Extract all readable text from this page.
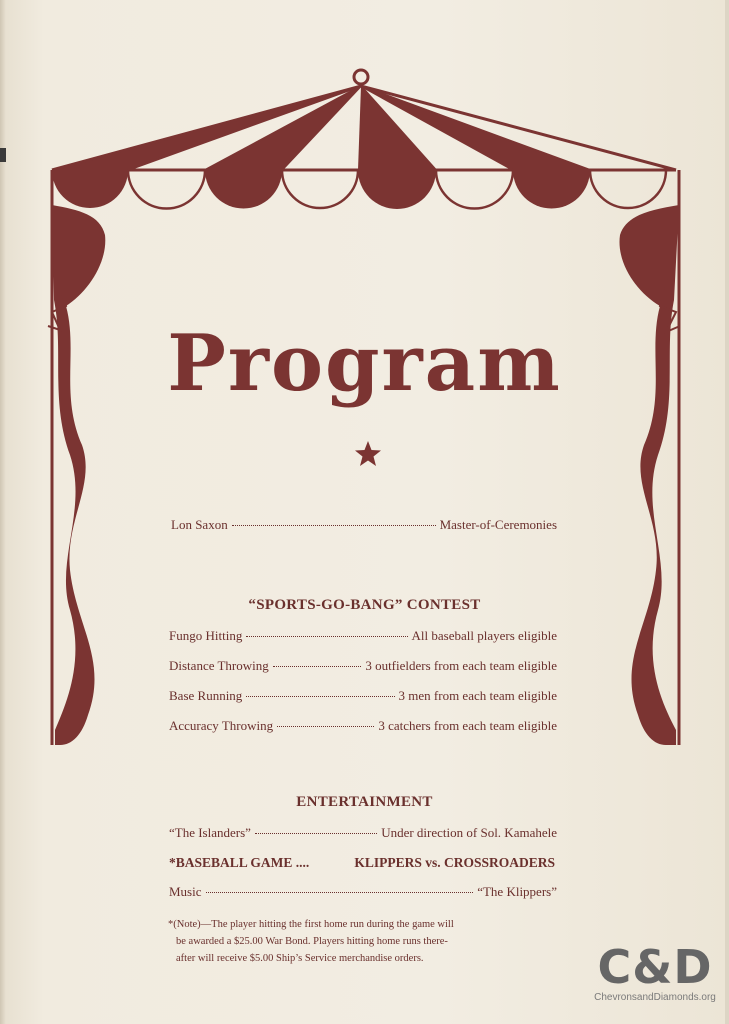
Program
Lon Saxon	Master-of-Ceremonies
“SPORTS-GO-BANG” CONTEST
Fungo Hitting	All baseball players eligible
Distance Throwing	3 outfielders from each team eligible
Base Running	3 men from each team eligible
Accuracy Throwing	3 catchers from each team eligible
ENTERTAINMENT
“The Islanders”	Under direction of Sol. Kamahele
*BASEBALL GAME ....	KLIPPERS vs. CROSSROADERS
Music	“The Klippers”

*(Note)—The player hitting the first home run during the game will

be awarded a $25.00 War Bond. Players hitting home runs there-

after will receive $5.00 Ship’s Service merchandise orders.	C&D
ChevronsandDiamonds.org
